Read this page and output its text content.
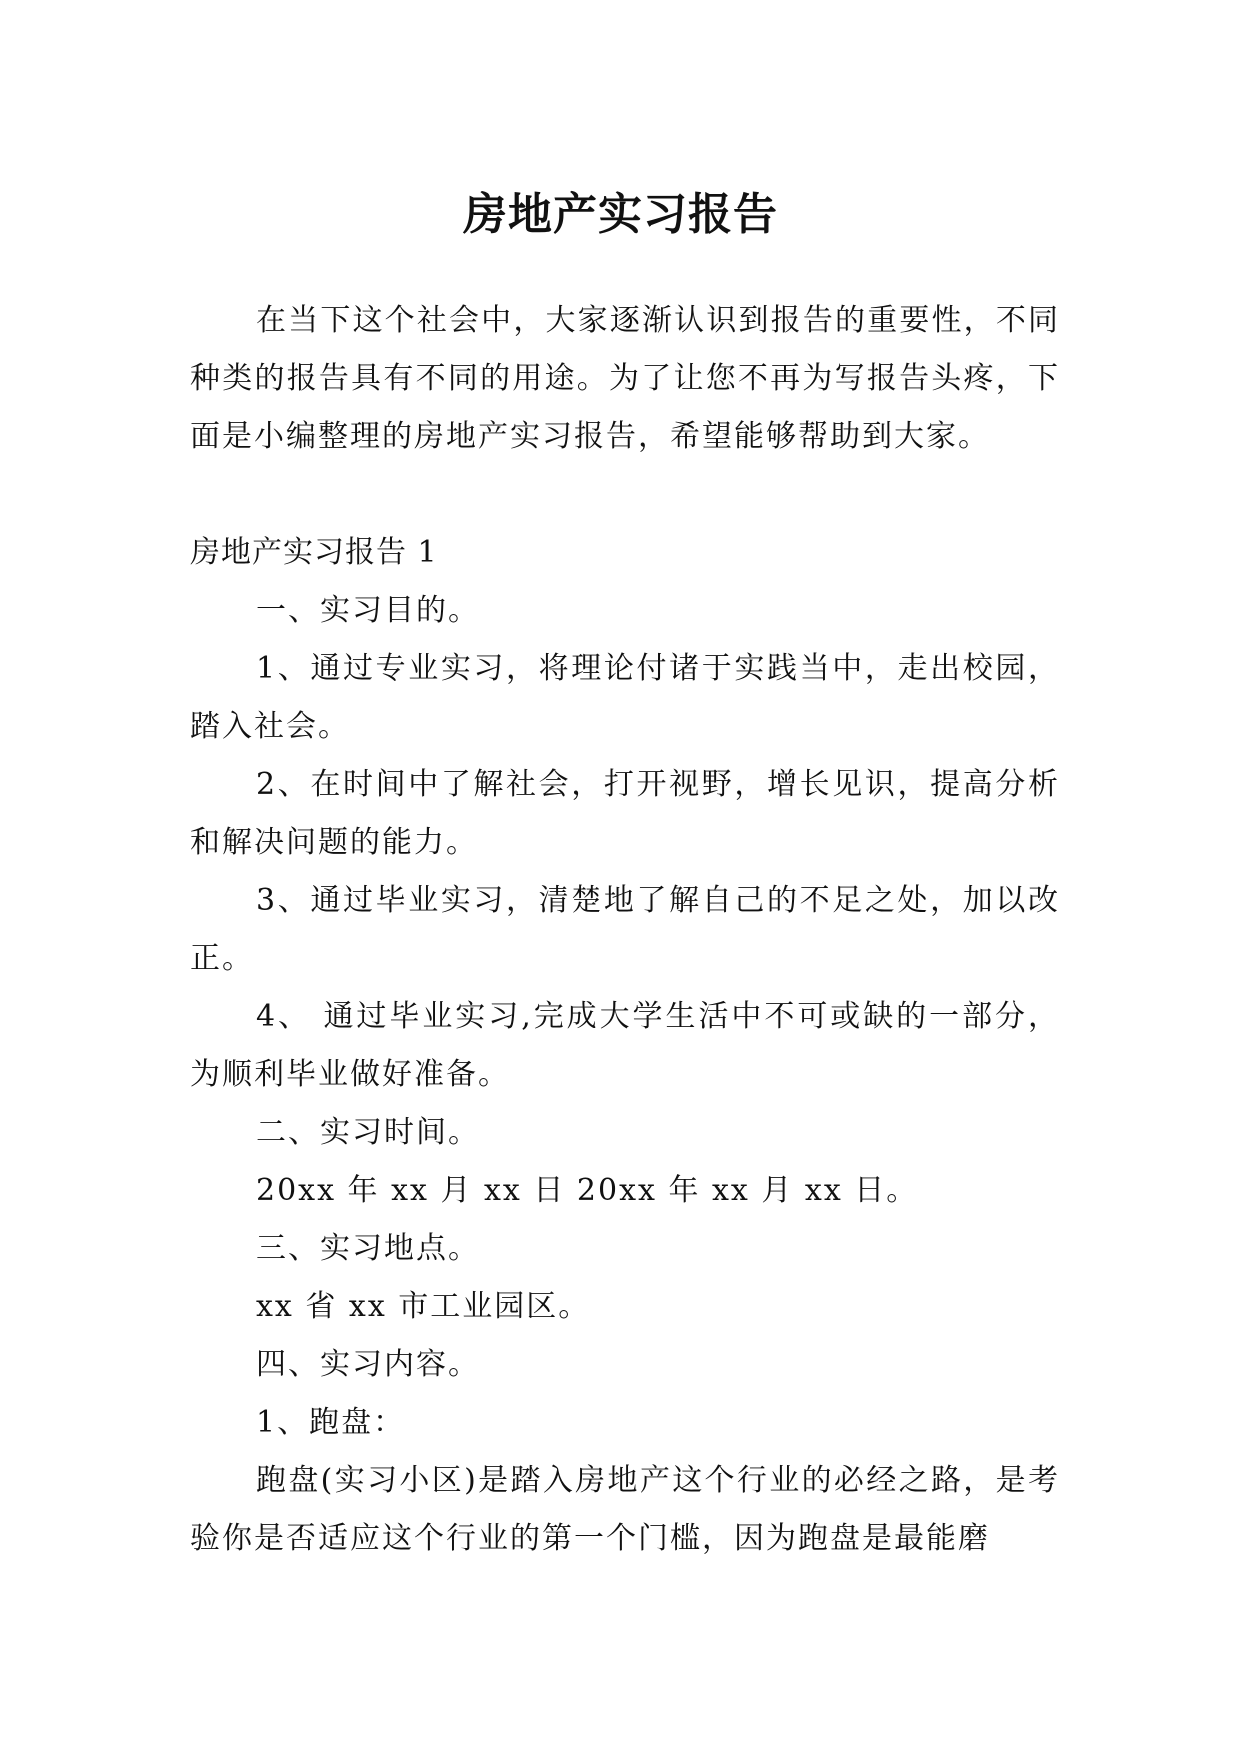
房地产实习报告

在当下这个社会中，大家逐渐认识到报告的重要性，不同种类的报告具有不同的用途。为了让您不再为写报告头疼，下面是小编整理的房地产实习报告，希望能够帮助到大家。

房地产实习报告 1

一、实习目的。

1、通过专业实习，将理论付诸于实践当中，走出校园，踏入社会。

2、在时间中了解社会，打开视野，增长见识，提高分析和解决问题的能力。

3、通过毕业实习，清楚地了解自己的不足之处，加以改正。

4、 通过毕业实习,完成大学生活中不可或缺的一部分，为顺利毕业做好准备。

二、实习时间。

20xx 年 xx 月 xx 日 20xx 年 xx 月 xx 日。

三、实习地点。

xx 省 xx 市工业园区。

四、实习内容。

1、跑盘：

跑盘(实习小区)是踏入房地产这个行业的必经之路，是考验你是否适应这个行业的第一个门槛，因为跑盘是最能磨
